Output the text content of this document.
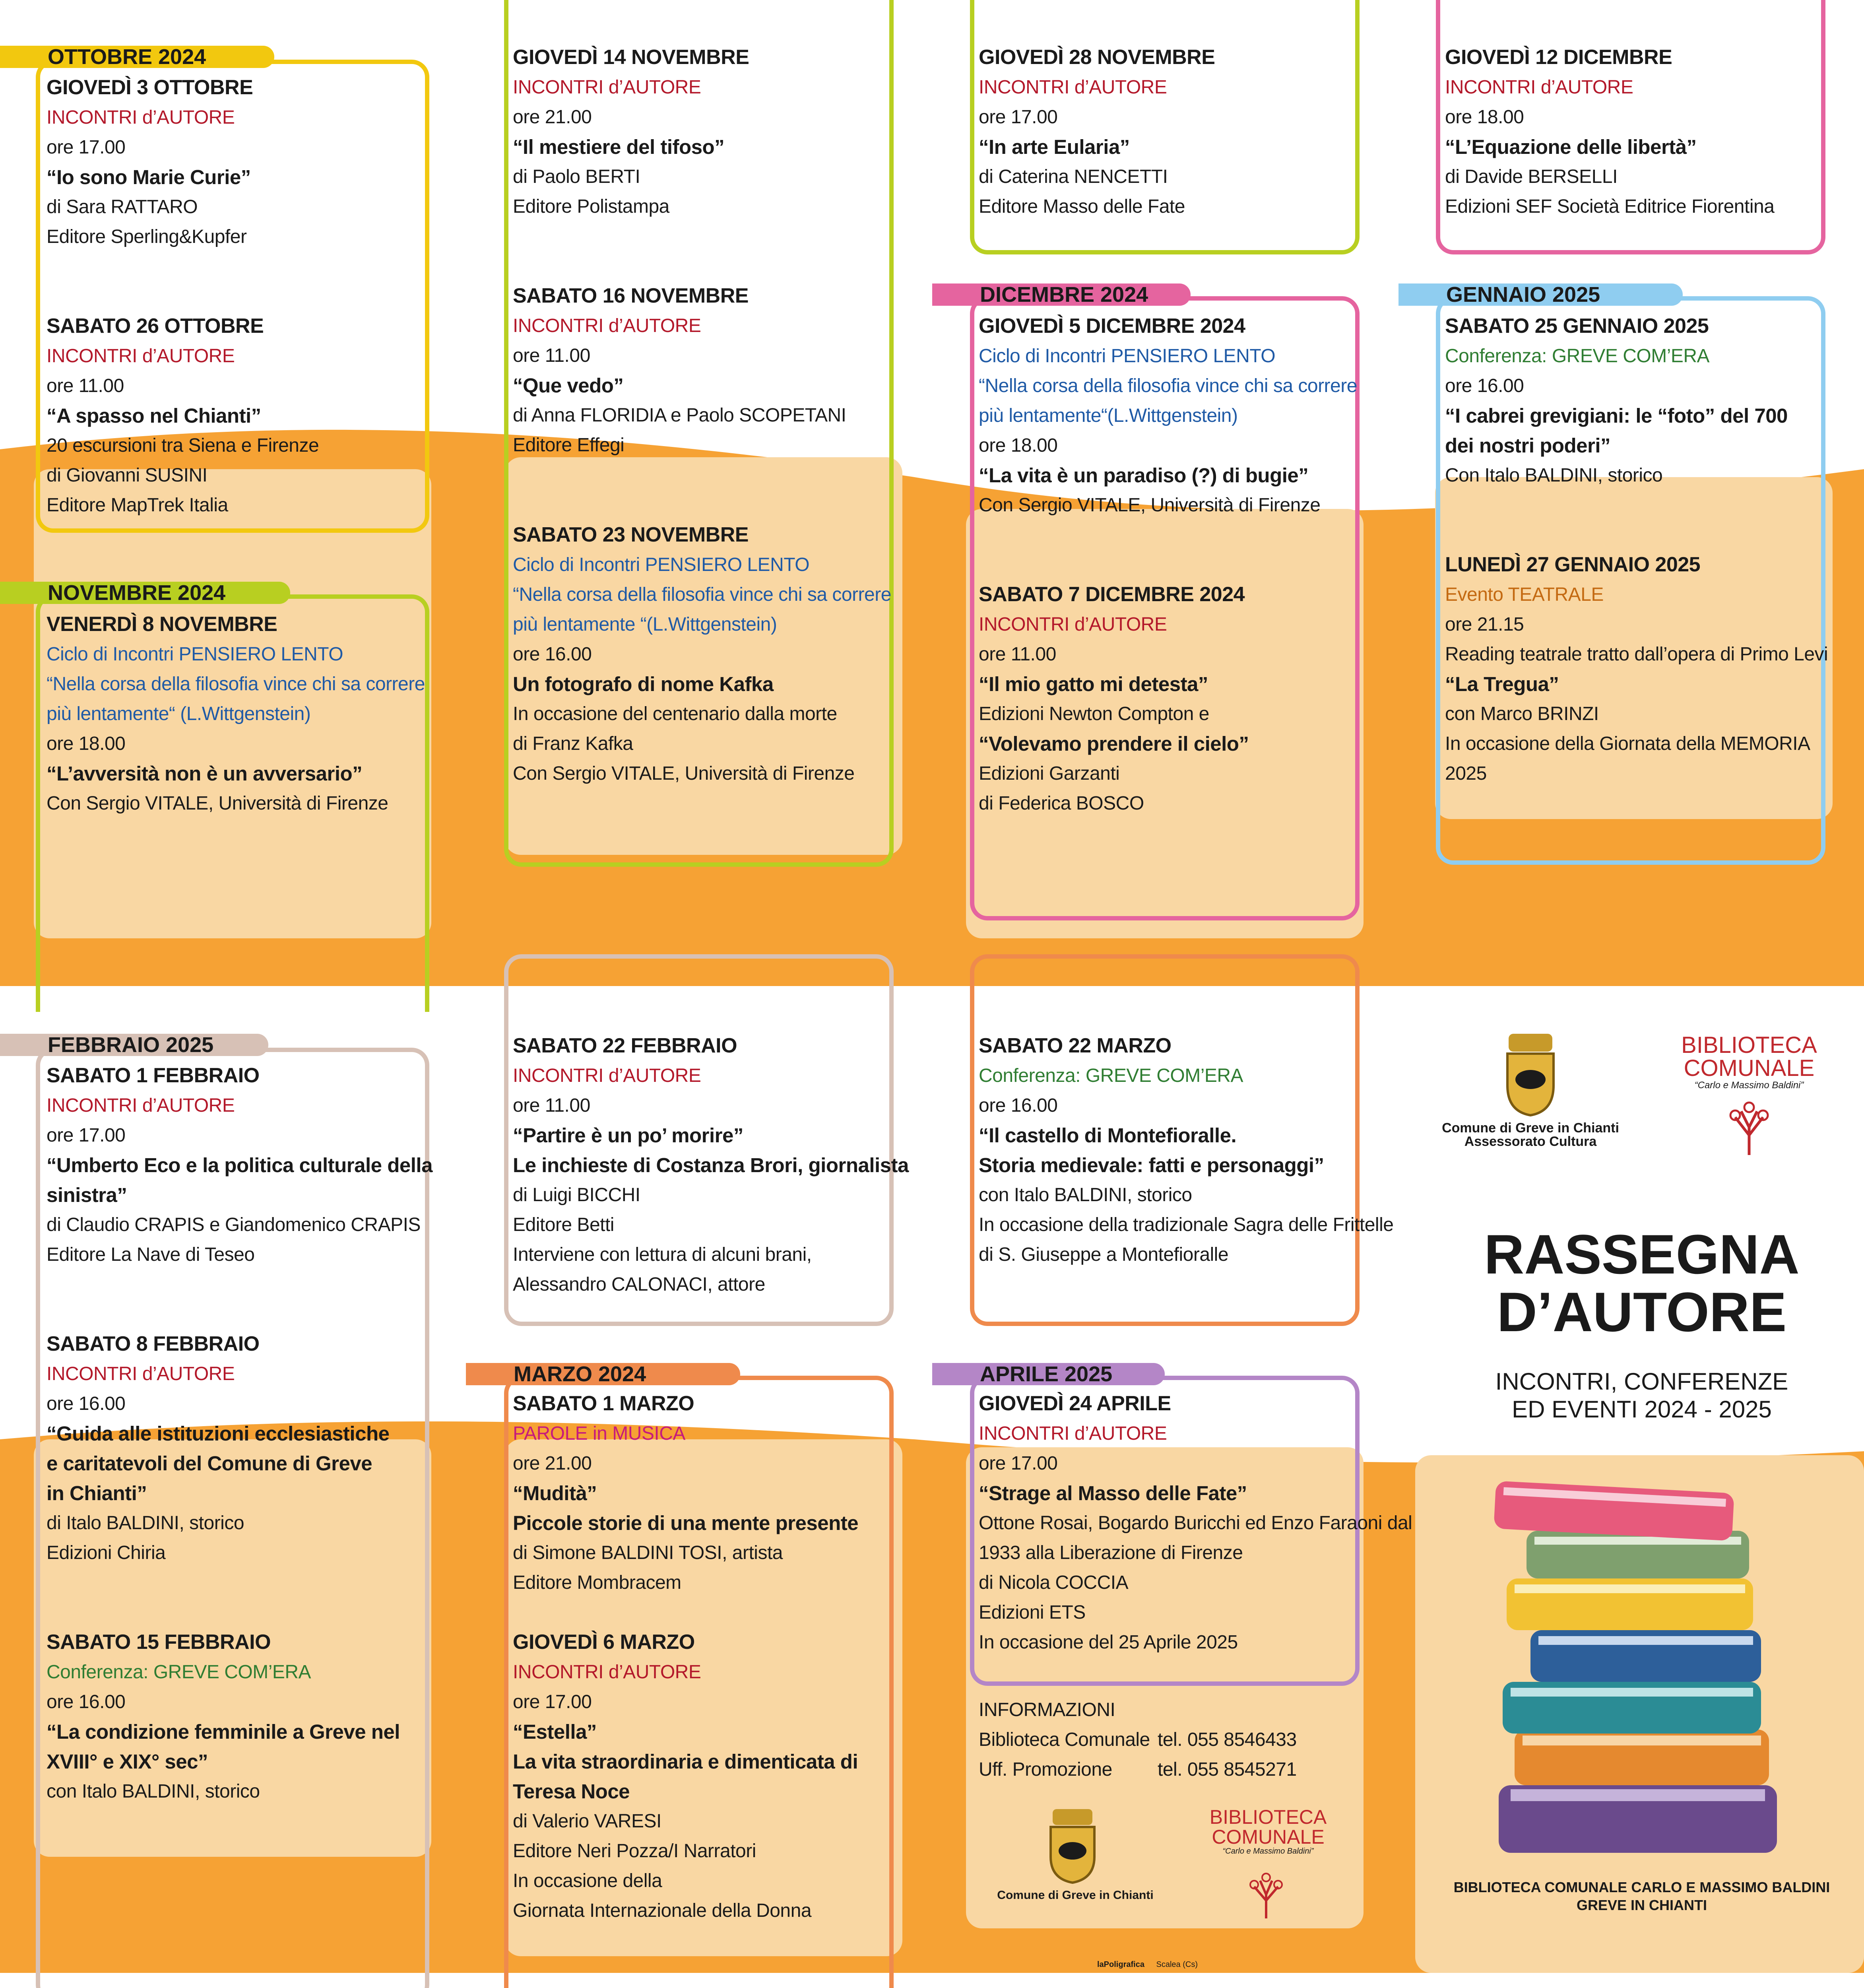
OTTOBRE 2024
NOVEMBRE 2024
DICEMBRE 2024	GENNAIO 2025
FEBBRAIO 2025
MARZO 2024	APRILE 2025
GIOVEDÌ 3 OTTOBRE
INCONTRI d’AUTORE
ore 17.00
“Io sono Marie Curie”
di Sara RATTARO
Editore Sperling&Kupfer
SABATO 26 OTTOBRE
INCONTRI d’AUTORE
ore 11.00
“A spasso nel Chianti”
20 escursioni tra Siena e Firenze
di Giovanni SUSINI
Editore MapTrek Italia
VENERDÌ 8 NOVEMBRE
Ciclo di Incontri PENSIERO LENTO
“Nella corsa della filosofia vince chi sa correre
più lentamente“ (L.Wittgenstein)
ore 18.00
“L’avversità non è un avversario”
Con Sergio VITALE, Università di Firenze
GIOVEDÌ 14 NOVEMBRE
INCONTRI d’AUTORE
ore 21.00
“Il mestiere del tifoso”
di Paolo BERTI
Editore Polistampa
SABATO 16 NOVEMBRE
INCONTRI d’AUTORE
ore 11.00
“Que vedo”
di Anna FLORIDIA e Paolo SCOPETANI
Editore Effegi
SABATO 23 NOVEMBRE
Ciclo di Incontri PENSIERO LENTO
“Nella corsa della filosofia vince chi sa correre
più lentamente “(L.Wittgenstein)
ore 16.00
Un fotografo di nome Kafka
In occasione del centenario dalla morte
di Franz Kafka
Con Sergio VITALE, Università di Firenze
GIOVEDÌ 28 NOVEMBRE
INCONTRI d’AUTORE
ore 17.00
“In arte Eularia”
di Caterina NENCETTI
Editore Masso delle Fate
GIOVEDÌ 5 DICEMBRE 2024
Ciclo di Incontri PENSIERO LENTO
“Nella corsa della filosofia vince chi sa correre
più lentamente“(L.Wittgenstein)
ore 18.00
“La vita è un paradiso (?) di bugie”
Con Sergio VITALE, Università di Firenze
SABATO 7 DICEMBRE 2024
INCONTRI d’AUTORE
ore 11.00
“Il mio gatto mi detesta”
Edizioni Newton Compton e
“Volevamo prendere il cielo”
Edizioni Garzanti
di Federica BOSCO
GIOVEDÌ 12 DICEMBRE
INCONTRI d’AUTORE
ore 18.00
“L’Equazione delle libertà”
di Davide BERSELLI
Edizioni SEF Società Editrice Fiorentina
SABATO 25 GENNAIO 2025
Conferenza: GREVE COM’ERA
ore 16.00
“I cabrei grevigiani: le “foto” del 700
dei nostri poderi”
Con Italo BALDINI, storico
LUNEDÌ 27 GENNAIO 2025
Evento TEATRALE
ore 21.15
Reading teatrale tratto dall’opera di Primo Levi
“La Tregua”
con Marco BRINZI
In occasione della Giornata della MEMORIA
2025
SABATO 1 FEBBRAIO
INCONTRI d’AUTORE
ore 17.00
“Umberto Eco e la politica culturale della
sinistra”
di Claudio CRAPIS e Giandomenico CRAPIS
Editore La Nave di Teseo
SABATO 8 FEBBRAIO
INCONTRI d’AUTORE
ore 16.00
“Guida alle istituzioni ecclesiastiche
e caritatevoli del Comune di Greve
in Chianti”
di Italo BALDINI, storico
Edizioni Chiria
SABATO 15 FEBBRAIO
Conferenza: GREVE COM’ERA
ore 16.00
“La condizione femminile a Greve nel
XVIII° e XIX° sec”
con Italo BALDINI, storico
SABATO 22 FEBBRAIO
INCONTRI d’AUTORE
ore 11.00
“Partire è un po’ morire”
Le inchieste di Costanza Brori, giornalista
di Luigi BICCHI
Editore Betti
Interviene con lettura di alcuni brani,
Alessandro CALONACI, attore
SABATO 1 MARZO
PAROLE in MUSICA
ore 21.00
“Mudità”
Piccole storie di una mente presente
di Simone BALDINI TOSI, artista
Editore Mombracem
GIOVEDÌ 6 MARZO
INCONTRI d’AUTORE
ore 17.00
“Estella”
La vita straordinaria e dimenticata di
Teresa Noce
di Valerio VARESI
Editore Neri Pozza/I Narratori
In occasione della
Giornata Internazionale della Donna
SABATO 22 MARZO
Conferenza: GREVE COM’ERA
ore 16.00
“Il castello di Montefioralle.
Storia medievale: fatti e personaggi”
con Italo BALDINI, storico
In occasione della tradizionale Sagra delle Frittelle
di S. Giuseppe a Montefioralle
GIOVEDÌ 24 APRILE
INCONTRI d’AUTORE
ore 17.00
“Strage al Masso delle Fate”
Ottone Rosai, Bogardo Buricchi ed Enzo Faraoni dal
1933 alla Liberazione di Firenze
di Nicola COCCIA
Edizioni ETS
In occasione del 25 Aprile 2025
INFORMAZIONI
Biblioteca Comunale tel. 055 8546433
Uff. Promozione tel. 055 8545271
Comune di Greve in Chianti
BIBLIOTECA
COMUNALE
“Carlo e Massimo Baldini”
laPoligrafica Scalea (Cs)
Comune di Greve in Chianti
Assessorato Cultura
BIBLIOTECA
COMUNALE
“Carlo e Massimo Baldini”
RASSEGNA
D’AUTORE
INCONTRI, CONFERENZE
ED EVENTI 2024 - 2025
BIBLIOTECA COMUNALE CARLO E MASSIMO BALDINI
GREVE IN CHIANTI
